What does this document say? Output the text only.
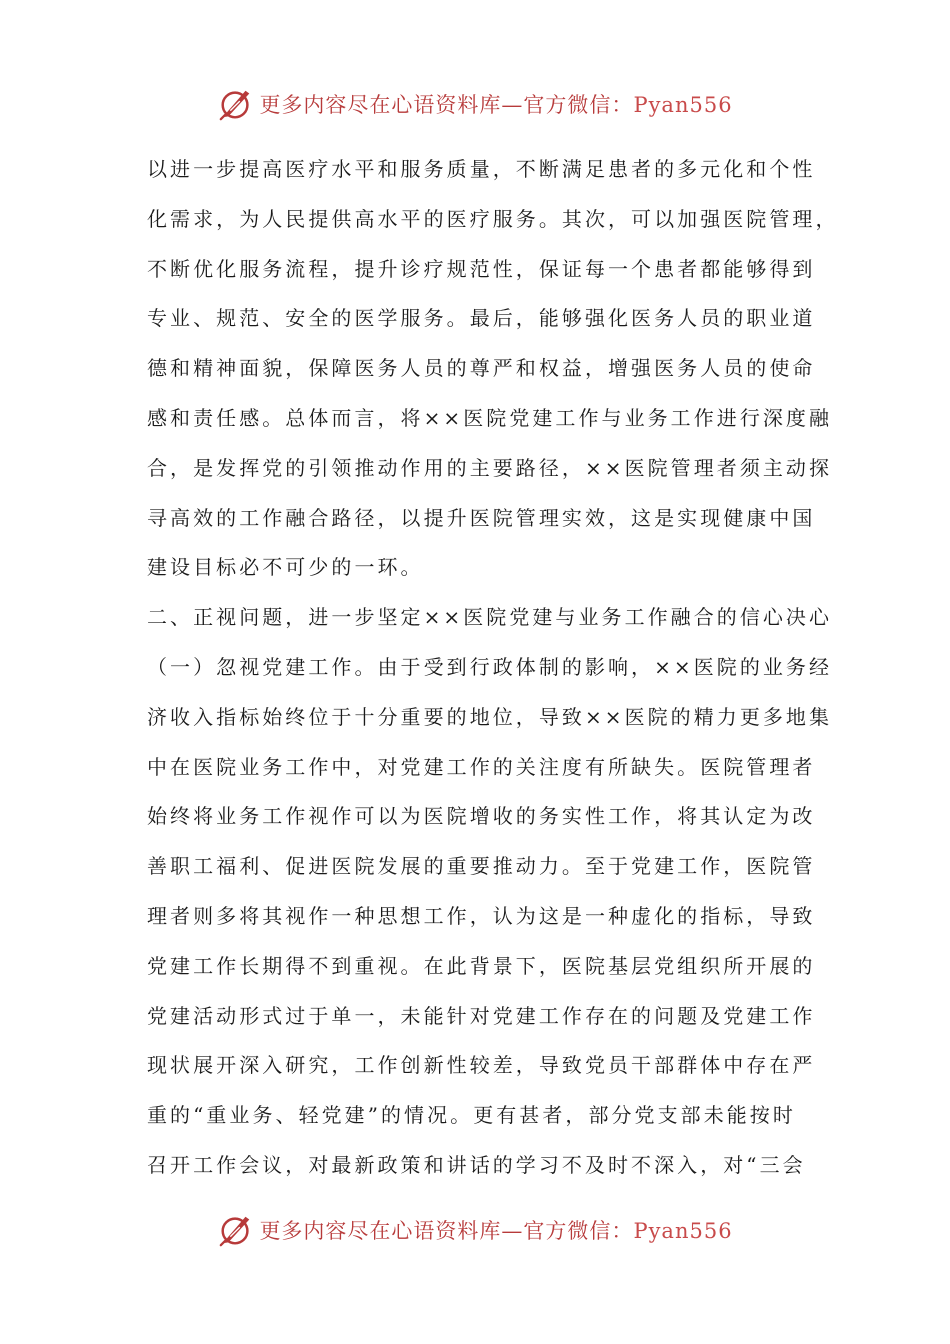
更多内容尽在心语资料库—官方微信：Pyan556
以进一步提高医疗水平和服务质量，不断满足患者的多元化和个性
化需求，为人民提供高水平的医疗服务。其次，可以加强医院管理，
不断优化服务流程，提升诊疗规范性，保证每一个患者都能够得到
专业、规范、安全的医学服务。最后，能够强化医务人员的职业道
德和精神面貌，保障医务人员的尊严和权益，增强医务人员的使命
感和责任感。总体而言，将××医院党建工作与业务工作进行深度融
合，是发挥党的引领推动作用的主要路径，××医院管理者须主动探
寻高效的工作融合路径，以提升医院管理实效，这是实现健康中国
建设目标必不可少的一环。
二、正视问题，进一步坚定××医院党建与业务工作融合的信心决心
（一）忽视党建工作。由于受到行政体制的影响，××医院的业务经
济收入指标始终位于十分重要的地位，导致××医院的精力更多地集
中在医院业务工作中，对党建工作的关注度有所缺失。医院管理者
始终将业务工作视作可以为医院增收的务实性工作，将其认定为改
善职工福利、促进医院发展的重要推动力。至于党建工作，医院管
理者则多将其视作一种思想工作，认为这是一种虚化的指标，导致
党建工作长期得不到重视。在此背景下，医院基层党组织所开展的
党建活动形式过于单一，未能针对党建工作存在的问题及党建工作
现状展开深入研究，工作创新性较差，导致党员干部群体中存在严
重的“重业务、轻党建”的情况。更有甚者，部分党支部未能按时
召开工作会议，对最新政策和讲话的学习不及时不深入，对“三会
更多内容尽在心语资料库—官方微信：Pyan556
